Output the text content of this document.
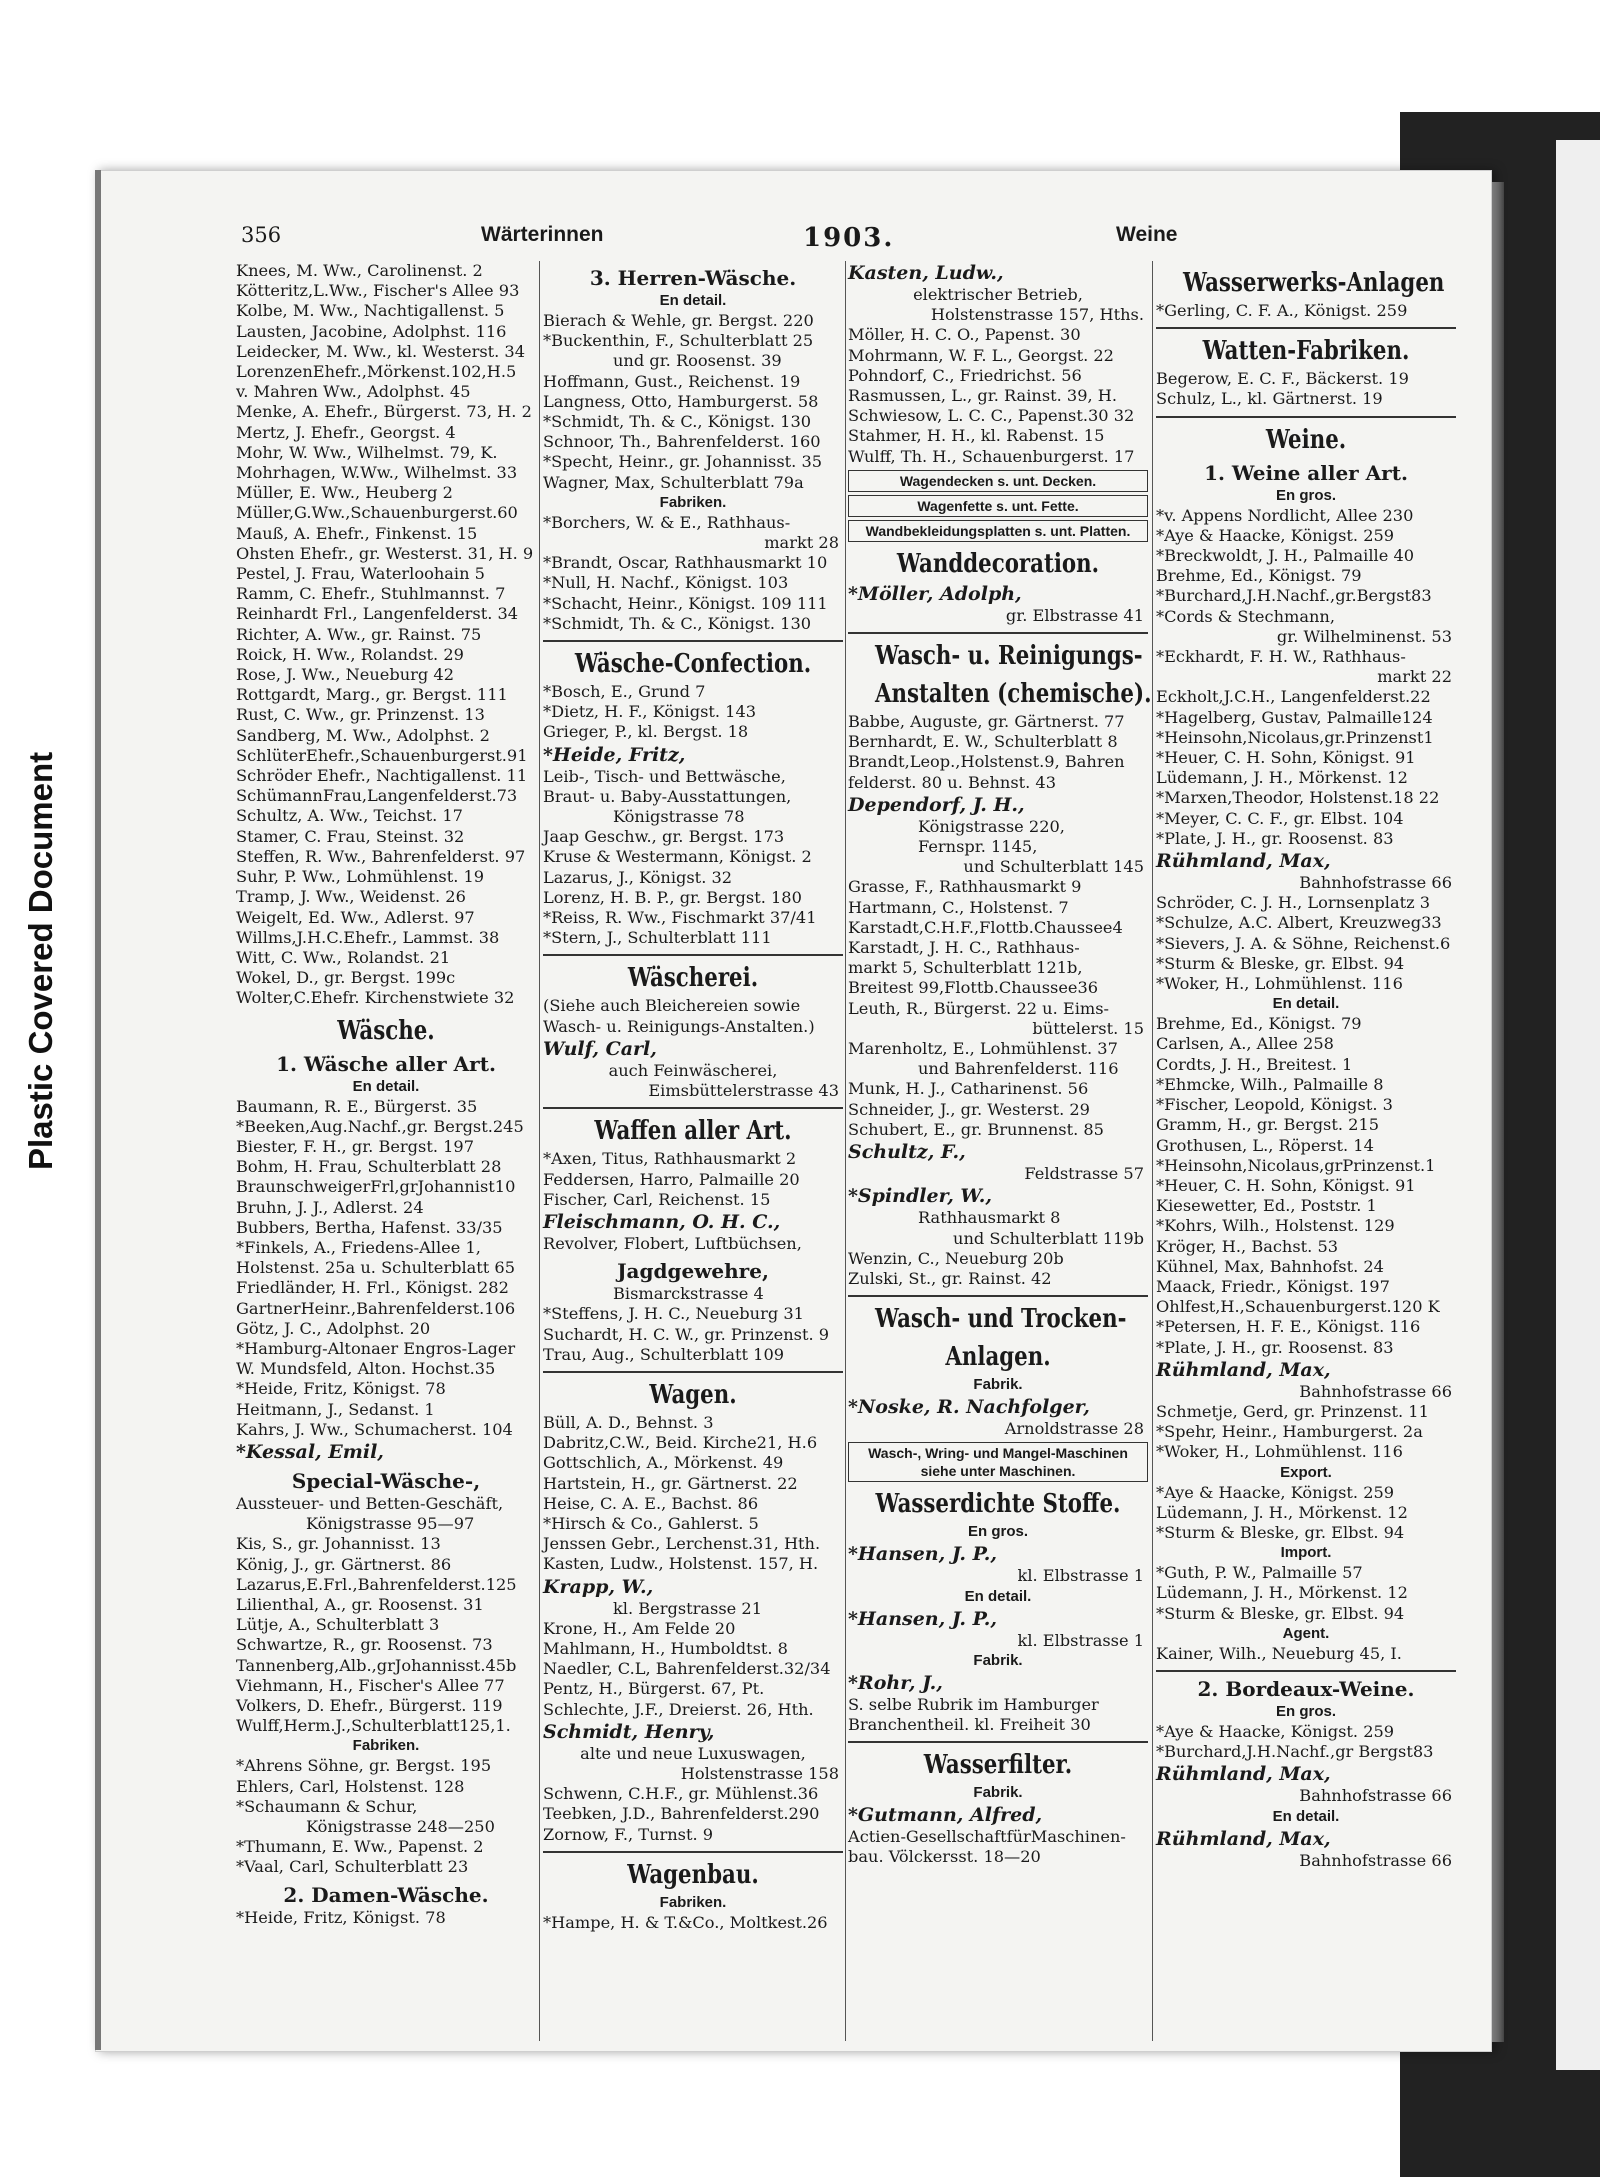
Plastic Covered Document
356	Wärterinnen	1903.	Weine
Knees, M. Ww., Carolinenst. 2
Kötteritz,L.Ww., Fischer's Allee 93
Kolbe, M. Ww., Nachtigallenst. 5
Lausten, Jacobine, Adolphst. 116
Leidecker, M. Ww., kl. Westerst. 34
LorenzenEhefr.,Mörkenst.102,H.5
v. Mahren Ww., Adolphst. 45
Menke, A. Ehefr., Bürgerst. 73, H. 2
Mertz, J. Ehefr., Georgst. 4
Mohr, W. Ww., Wilhelmst. 79, K.
Mohrhagen, W.Ww., Wilhelmst. 33
Müller, E. Ww., Heuberg 2
Müller,G.Ww.,Schauenburgerst.60
Mauß, A. Ehefr., Finkenst. 15
Ohsten Ehefr., gr. Westerst. 31, H. 9
Pestel, J. Frau, Waterloohain 5
Ramm, C. Ehefr., Stuhlmannst. 7
Reinhardt Frl., Langenfelderst. 34
Richter, A. Ww., gr. Rainst. 75
Roick, H. Ww., Rolandst. 29
Rose, J. Ww., Neueburg 42
Rottgardt, Marg., gr. Bergst. 111
Rust, C. Ww., gr. Prinzenst. 13
Sandberg, M. Ww., Adolphst. 2
SchlüterEhefr.,Schauenburgerst.91
Schröder Ehefr., Nachtigallenst. 11
SchümannFrau,Langenfelderst.73
Schultz, A. Ww., Teichst. 17
Stamer, C. Frau, Steinst. 32
Steffen, R. Ww., Bahrenfelderst. 97
Suhr, P. Ww., Lohmühlenst. 19
Tramp, J. Ww., Weidenst. 26
Weigelt, Ed. Ww., Adlerst. 97
Willms,J.H.C.Ehefr., Lammst. 38
Witt, C. Ww., Rolandst. 21
Wokel, D., gr. Bergst. 199c
Wolter,C.Ehefr. Kirchenstwiete 32
Wäsche.
1. Wäsche aller Art.
En detail.
Baumann, R. E., Bürgerst. 35
*Beeken,Aug.Nachf.,gr. Bergst.245
Biester, F. H., gr. Bergst. 197
Bohm, H. Frau, Schulterblatt 28
BraunschweigerFrl,grJohannist10
Bruhn, J. J., Adlerst. 24
Bubbers, Bertha, Hafenst. 33/35
*Finkels, A., Friedens-Allee 1,
Holstenst. 25a u. Schulterblatt 65
Friedländer, H. Frl., Königst. 282
GartnerHeinr.,Bahrenfelderst.106
Götz, J. C., Adolphst. 20
*Hamburg-Altonaer Engros-Lager
W. Mundsfeld, Alton. Hochst.35
*Heide, Fritz, Königst. 78
Heitmann, J., Sedanst. 1
Kahrs, J. Ww., Schumacherst. 104
*Kessal, Emil,
Special-Wäsche-,
Aussteuer- und Betten-Geschäft,
Königstrasse 95—97
Kis, S., gr. Johannisst. 13
König, J., gr. Gärtnerst. 86
Lazarus,E.Frl.,Bahrenfelderst.125
Lilienthal, A., gr. Roosenst. 31
Lütje, A., Schulterblatt 3
Schwartze, R., gr. Roosenst. 73
Tannenberg,Alb.,grJohannisst.45b
Viehmann, H., Fischer's Allee 77
Volkers, D. Ehefr., Bürgerst. 119
Wulff,Herm.J.,Schulterblatt125,1.
Fabriken.
*Ahrens Söhne, gr. Bergst. 195
Ehlers, Carl, Holstenst. 128
*Schaumann & Schur,
Königstrasse 248—250
*Thumann, E. Ww., Papenst. 2
*Vaal, Carl, Schulterblatt 23
2. Damen-Wäsche.
*Heide, Fritz, Königst. 78
3. Herren-Wäsche.
En detail.
Bierach & Wehle, gr. Bergst. 220
*Buckenthin, F., Schulterblatt 25
und gr. Roosenst. 39
Hoffmann, Gust., Reichenst. 19
Langness, Otto, Hamburgerst. 58
*Schmidt, Th. & C., Königst. 130
Schnoor, Th., Bahrenfelderst. 160
*Specht, Heinr., gr. Johannisst. 35
Wagner, Max, Schulterblatt 79a
Fabriken.
*Borchers, W. & E., Rathhaus-
markt 28
*Brandt, Oscar, Rathhausmarkt 10
*Null, H. Nachf., Königst. 103
*Schacht, Heinr., Königst. 109 111
*Schmidt, Th. & C., Königst. 130
Wäsche-Confection.
*Bosch, E., Grund 7
*Dietz, H. F., Königst. 143
Grieger, P., kl. Bergst. 18
*Heide, Fritz,
Leib-, Tisch- und Bettwäsche,
Braut- u. Baby-Ausstattungen,
Königstrasse 78
Jaap Geschw., gr. Bergst. 173
Kruse & Westermann, Königst. 2
Lazarus, J., Königst. 32
Lorenz, H. B. P., gr. Bergst. 180
*Reiss, R. Ww., Fischmarkt 37/41
*Stern, J., Schulterblatt 111
Wäscherei.
(Siehe auch Bleichereien sowie
Wasch- u. Reinigungs-Anstalten.)
Wulf, Carl,
auch Feinwäscherei,
Eimsbüttelerstrasse 43
Waffen aller Art.
*Axen, Titus, Rathhausmarkt 2
Feddersen, Harro, Palmaille 20
Fischer, Carl, Reichenst. 15
Fleischmann, O. H. C.,
Revolver, Flobert, Luftbüchsen,
Jagdgewehre,
Bismarckstrasse 4
*Steffens, J. H. C., Neueburg 31
Suchardt, H. C. W., gr. Prinzenst. 9
Trau, Aug., Schulterblatt 109
Wagen.
Büll, A. D., Behnst. 3
Dabritz,C.W., Beid. Kirche21, H.6
Gottschlich, A., Mörkenst. 49
Hartstein, H., gr. Gärtnerst. 22
Heise, C. A. E., Bachst. 86
*Hirsch & Co., Gahlerst. 5
Jenssen Gebr., Lerchenst.31, Hth.
Kasten, Ludw., Holstenst. 157, H.
Krapp, W.,
kl. Bergstrasse 21
Krone, H., Am Felde 20
Mahlmann, H., Humboldtst. 8
Naedler, C.L, Bahrenfelderst.32/34
Pentz, H., Bürgerst. 67, Pt.
Schlechte, J.F., Dreierst. 26, Hth.
Schmidt, Henry,
alte und neue Luxuswagen,
Holstenstrasse 158
Schwenn, C.H.F., gr. Mühlenst.36
Teebken, J.D., Bahrenfelderst.290
Zornow, F., Turnst. 9
Wagenbau.
Fabriken.
*Hampe, H. & T.&Co., Moltkest.26
Kasten, Ludw.,
elektrischer Betrieb,
Holstenstrasse 157, Hths.
Möller, H. C. O., Papenst. 30
Mohrmann, W. F. L., Georgst. 22
Pohndorf, C., Friedrichst. 56
Rasmussen, L., gr. Rainst. 39, H.
Schwiesow, L. C. C., Papenst.30 32
Stahmer, H. H., kl. Rabenst. 15
Wulff, Th. H., Schauenburgerst. 17
Wagendecken s. unt. Decken.
Wagenfette s. unt. Fette.
Wandbekleidungsplatten s. unt. Platten.
Wanddecoration.
*Möller, Adolph,
gr. Elbstrasse 41
Wasch- u. Reinigungs-
Anstalten (chemische).
Babbe, Auguste, gr. Gärtnerst. 77
Bernhardt, E. W., Schulterblatt 8
Brandt,Leop.,Holstenst.9, Bahren
felderst. 80 u. Behnst. 43
Dependorf, J. H.,
Königstrasse 220,
Fernspr. 1145,
und Schulterblatt 145
Grasse, F., Rathhausmarkt 9
Hartmann, C., Holstenst. 7
Karstadt,C.H.F.,Flottb.Chaussee4
Karstadt, J. H. C., Rathhaus-
markt 5, Schulterblatt 121b,
Breitest 99,Flottb.Chaussee36
Leuth, R., Bürgerst. 22 u. Eims-
büttelerst. 15
Marenholtz, E., Lohmühlenst. 37
und Bahrenfelderst. 116
Munk, H. J., Catharinenst. 56
Schneider, J., gr. Westerst. 29
Schubert, E., gr. Brunnenst. 85
Schultz, F.,
Feldstrasse 57
*Spindler, W.,
Rathhausmarkt 8
und Schulterblatt 119b
Wenzin, C., Neueburg 20b
Zulski, St., gr. Rainst. 42
Wasch- und Trocken-
Anlagen.
Fabrik.
*Noske, R. Nachfolger,
Arnoldstrasse 28
Wasch-, Wring- und Mangel-Maschinen siehe unter Maschinen.
Wasserdichte Stoffe.
En gros.
*Hansen, J. P.,
kl. Elbstrasse 1
En detail.
*Hansen, J. P.,
kl. Elbstrasse 1
Fabrik.
*Rohr, J.,
S. selbe Rubrik im Hamburger
Branchentheil. kl. Freiheit 30
Wasserfilter.
Fabrik.
*Gutmann, Alfred,
Actien-GesellschaftfürMaschinen-
bau. Völckersst. 18—20
Wasserwerks-Anlagen
*Gerling, C. F. A., Königst. 259
Watten-Fabriken.
Begerow, E. C. F., Bäckerst. 19
Schulz, L., kl. Gärtnerst. 19
Weine.
1. Weine aller Art.
En gros.
*v. Appens Nordlicht, Allee 230
*Aye & Haacke, Königst. 259
*Breckwoldt, J. H., Palmaille 40
Brehme, Ed., Königst. 79
*Burchard,J.H.Nachf.,gr.Bergst83
*Cords & Stechmann,
gr. Wilhelminenst. 53
*Eckhardt, F. H. W., Rathhaus-
markt 22
Eckholt,J.C.H., Langenfelderst.22
*Hagelberg, Gustav, Palmaille124
*Heinsohn,Nicolaus,gr.Prinzenst1
*Heuer, C. H. Sohn, Königst. 91
Lüdemann, J. H., Mörkenst. 12
*Marxen,Theodor, Holstenst.18 22
*Meyer, C. C. F., gr. Elbst. 104
*Plate, J. H., gr. Roosenst. 83
Rühmland, Max,
Bahnhofstrasse 66
Schröder, C. J. H., Lornsenplatz 3
*Schulze, A.C. Albert, Kreuzweg33
*Sievers, J. A. & Söhne, Reichenst.6
*Sturm & Bleske, gr. Elbst. 94
*Woker, H., Lohmühlenst. 116
En detail.
Brehme, Ed., Königst. 79
Carlsen, A., Allee 258
Cordts, J. H., Breitest. 1
*Ehmcke, Wilh., Palmaille 8
*Fischer, Leopold, Königst. 3
Gramm, H., gr. Bergst. 215
Grothusen, L., Röperst. 14
*Heinsohn,Nicolaus,grPrinzenst.1
*Heuer, C. H. Sohn, Königst. 91
Kiesewetter, Ed., Poststr. 1
*Kohrs, Wilh., Holstenst. 129
Kröger, H., Bachst. 53
Kühnel, Max, Bahnhofst. 24
Maack, Friedr., Königst. 197
Ohlfest,H.,Schauenburgerst.120 K
*Petersen, H. F. E., Königst. 116
*Plate, J. H., gr. Roosenst. 83
Rühmland, Max,
Bahnhofstrasse 66
Schmetje, Gerd, gr. Prinzenst. 11
*Spehr, Heinr., Hamburgerst. 2a
*Woker, H., Lohmühlenst. 116
Export.
*Aye & Haacke, Königst. 259
Lüdemann, J. H., Mörkenst. 12
*Sturm & Bleske, gr. Elbst. 94
Import.
*Guth, P. W., Palmaille 57
Lüdemann, J. H., Mörkenst. 12
*Sturm & Bleske, gr. Elbst. 94
Agent.
Kainer, Wilh., Neueburg 45, I.
2. Bordeaux-Weine.
En gros.
*Aye & Haacke, Königst. 259
*Burchard,J.H.Nachf.,gr Bergst83
Rühmland, Max,
Bahnhofstrasse 66
En detail.
Rühmland, Max,
Bahnhofstrasse 66
